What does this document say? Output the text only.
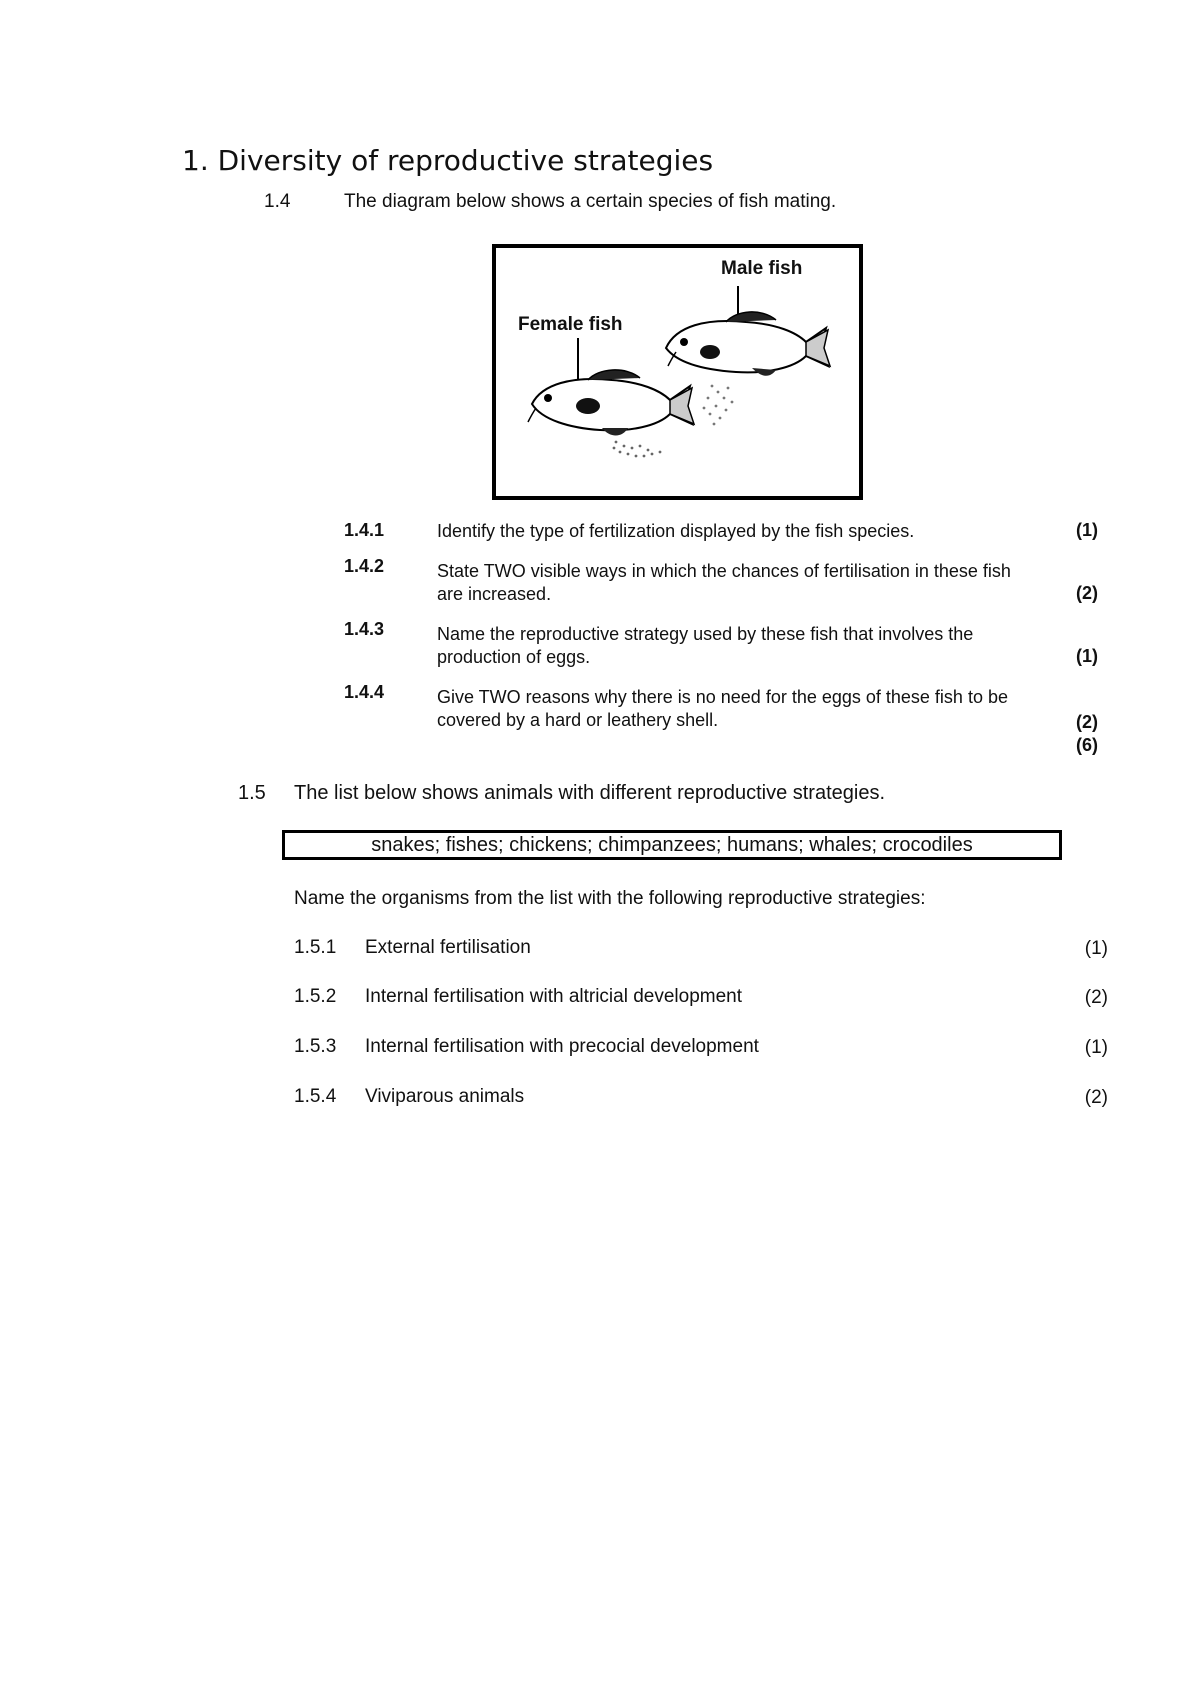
1. Diversity of reproductive strategies
1.4	The diagram below shows a certain species of fish mating.
Male fish
Female fish
1.4.1	Identify the type of fertilization displayed by the fish species.	(1)
1.4.2	State TWO visible ways in which the chances of fertilisation in these fish are increased.	(2)
1.4.3	Name the reproductive strategy used by these fish that involves the production of eggs.	(1)
1.4.4	Give TWO reasons why there is no need for the eggs of these fish to be covered by a hard or leathery shell.	(2)
(6)
1.5 The list below shows animals with different reproductive strategies.
snakes; fishes; chickens; chimpanzees; humans; whales; crocodiles
Name the organisms from the list with the following reproductive strategies:
1.5.1 External fertilisation	(1)
1.5.2 Internal fertilisation with altricial development	(2)
1.5.3 Internal fertilisation with precocial development	(1)
1.5.4 Viviparous animals	(2)
